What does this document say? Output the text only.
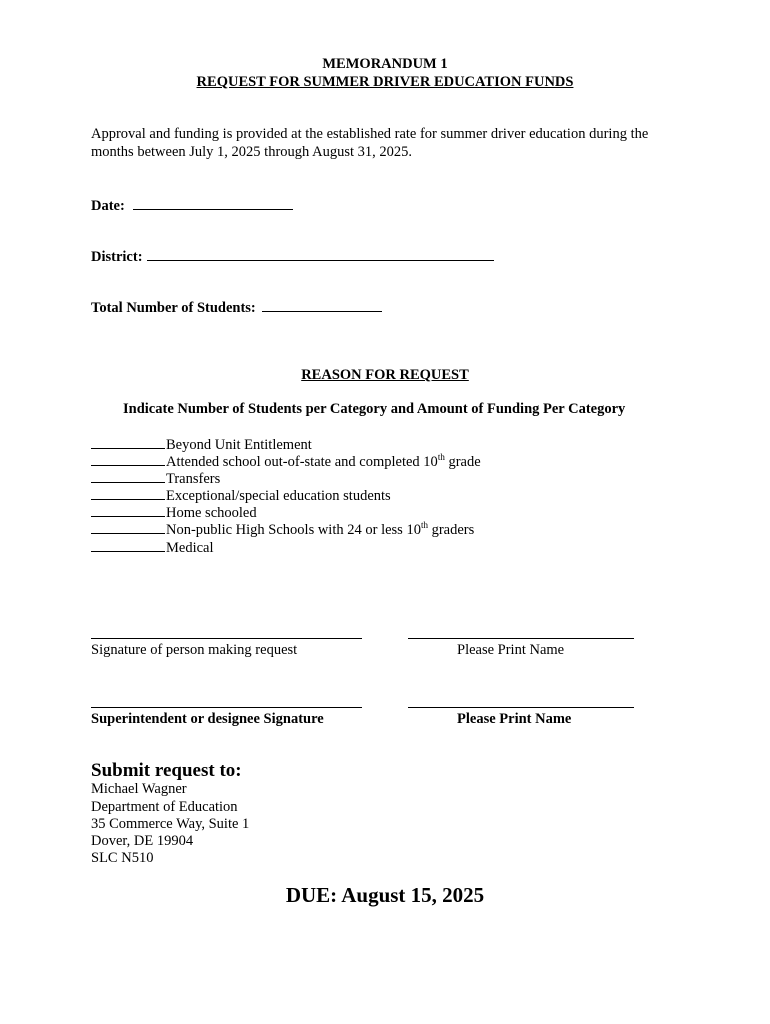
MEMORANDUM 1
REQUEST FOR SUMMER DRIVER EDUCATION FUNDS
Approval and funding is provided at the established rate for summer driver education during the
months between July 1, 2025 through August 31, 2025.
Date:
District:
Total Number of Students:
REASON FOR REQUEST
Indicate Number of Students per Category and Amount of Funding Per Category
Beyond Unit Entitlement
Attended school out-of-state and completed 10th grade
Transfers
Exceptional/special education students
Home schooled
Non-public High Schools with 24 or less 10th graders
Medical
Signature of person making request	Please Print Name
Superintendent or designee Signature	Please Print Name
Submit request to:
Michael Wagner
Department of Education
35 Commerce Way, Suite 1
Dover, DE 19904
SLC N510
DUE: August 15, 2025
